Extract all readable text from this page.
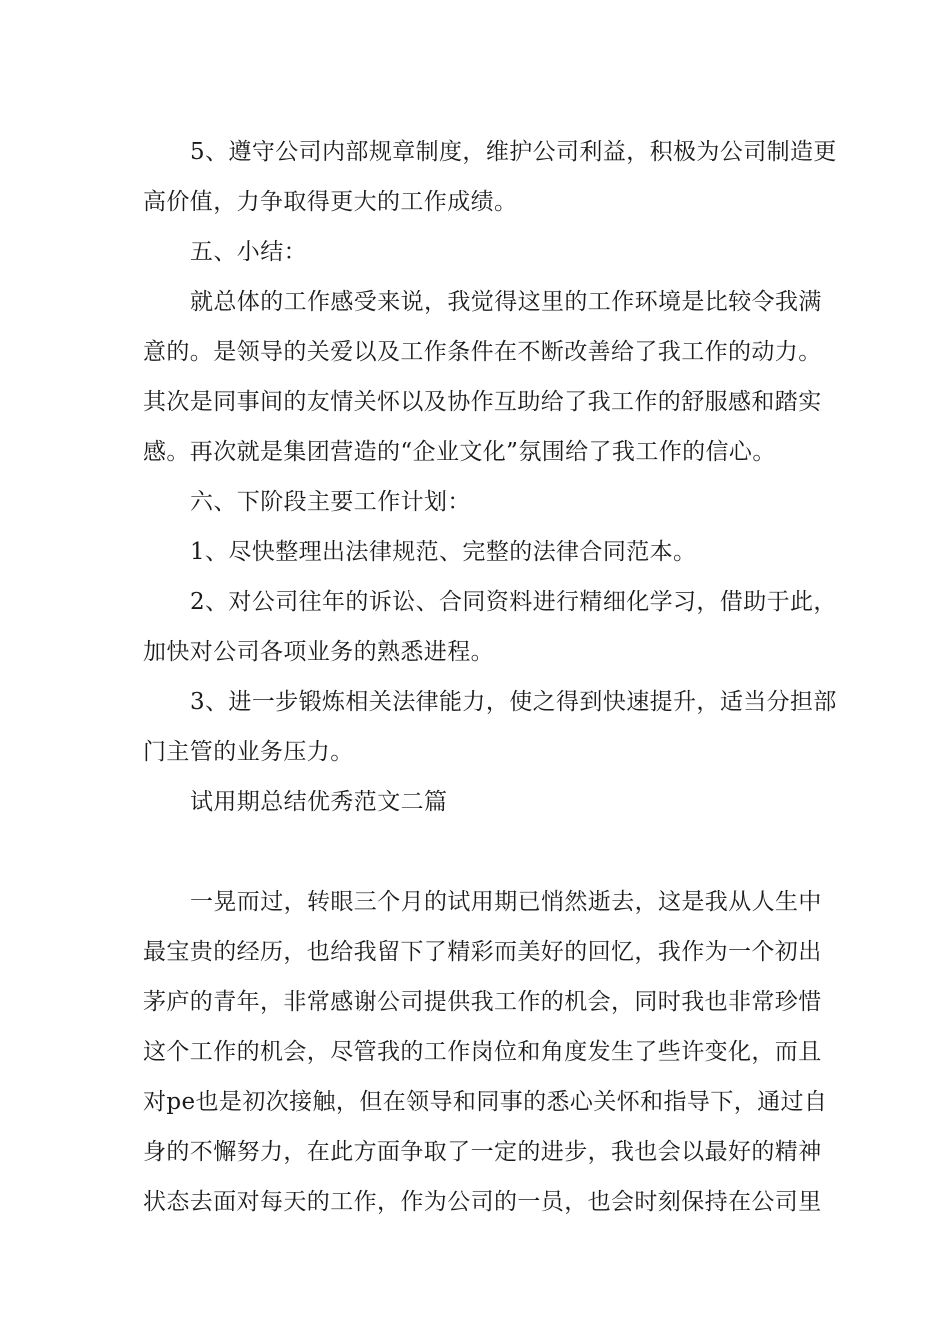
5、遵守公司内部规章制度，维护公司利益，积极为公司制造更

高价值，力争取得更大的工作成绩。

五、小结：

就总体的工作感受来说，我觉得这里的工作环境是比较令我满

意的。是领导的关爱以及工作条件在不断改善给了我工作的动力。

其次是同事间的友情关怀以及协作互助给了我工作的舒服感和踏实

感。再次就是集团营造的“企业文化”氛围给了我工作的信心。

六、下阶段主要工作计划：

1、尽快整理出法律规范、完整的法律合同范本。

2、对公司往年的诉讼、合同资料进行精细化学习，借助于此，

加快对公司各项业务的熟悉进程。

3、进一步锻炼相关法律能力，使之得到快速提升，适当分担部

门主管的业务压力。

试用期总结优秀范文二篇

一晃而过，转眼三个月的试用期已悄然逝去，这是我从人生中

最宝贵的经历，也给我留下了精彩而美好的回忆，我作为一个初出

茅庐的青年，非常感谢公司提供我工作的机会，同时我也非常珍惜

这个工作的机会，尽管我的工作岗位和角度发生了些许变化，而且

对pe也是初次接触，但在领导和同事的悉心关怀和指导下，通过自

身的不懈努力，在此方面争取了一定的进步，我也会以最好的精神

状态去面对每天的工作，作为公司的一员，也会时刻保持在公司里
